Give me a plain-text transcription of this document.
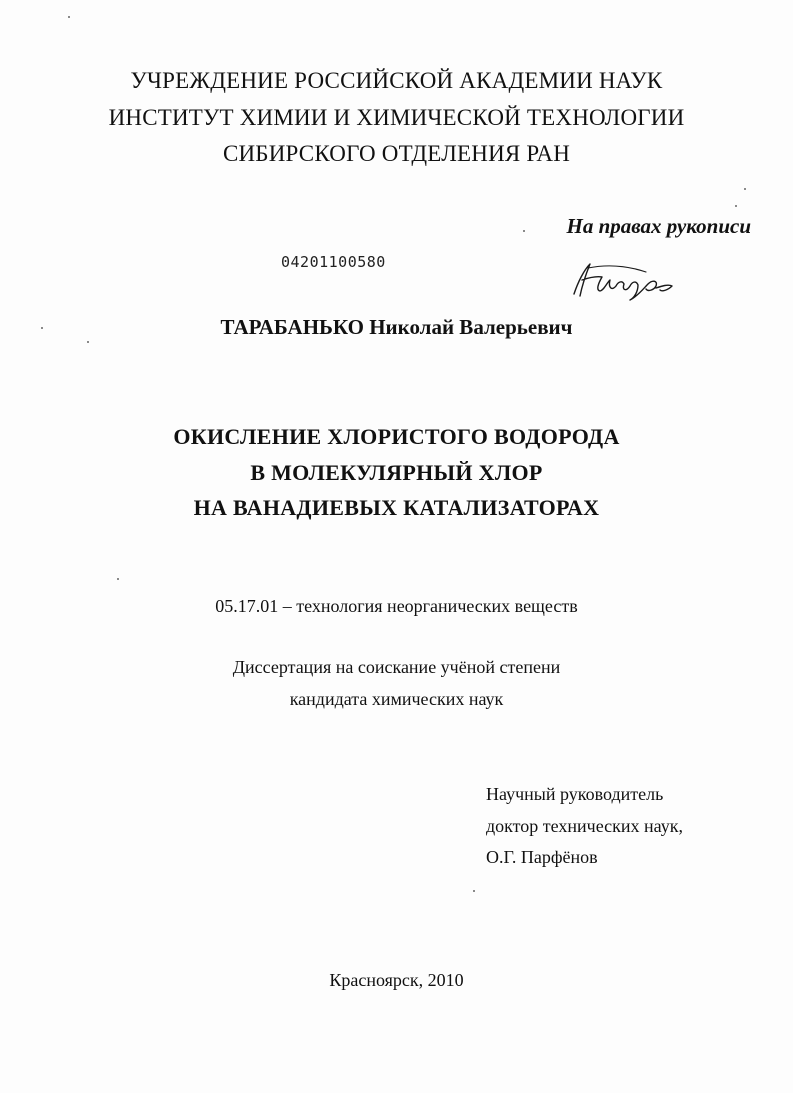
УЧРЕЖДЕНИЕ РОССИЙСКОЙ АКАДЕМИИ НАУК
ИНСТИТУТ ХИМИИ И ХИМИЧЕСКОЙ ТЕХНОЛОГИИ
СИБИРСКОГО ОТДЕЛЕНИЯ РАН
На правах рукописи
04201100580
ТАРАБАНЬКО Николай Валерьевич
ОКИСЛЕНИЕ ХЛОРИСТОГО ВОДОРОДА
В МОЛЕКУЛЯРНЫЙ ХЛОР
НА ВАНАДИЕВЫХ КАТАЛИЗАТОРАХ
05.17.01 – технология неорганических веществ
Диссертация на соискание учёной степени
кандидата химических наук
Научный руководитель
доктор технических наук,
О.Г. Парфёнов
Красноярск, 2010
